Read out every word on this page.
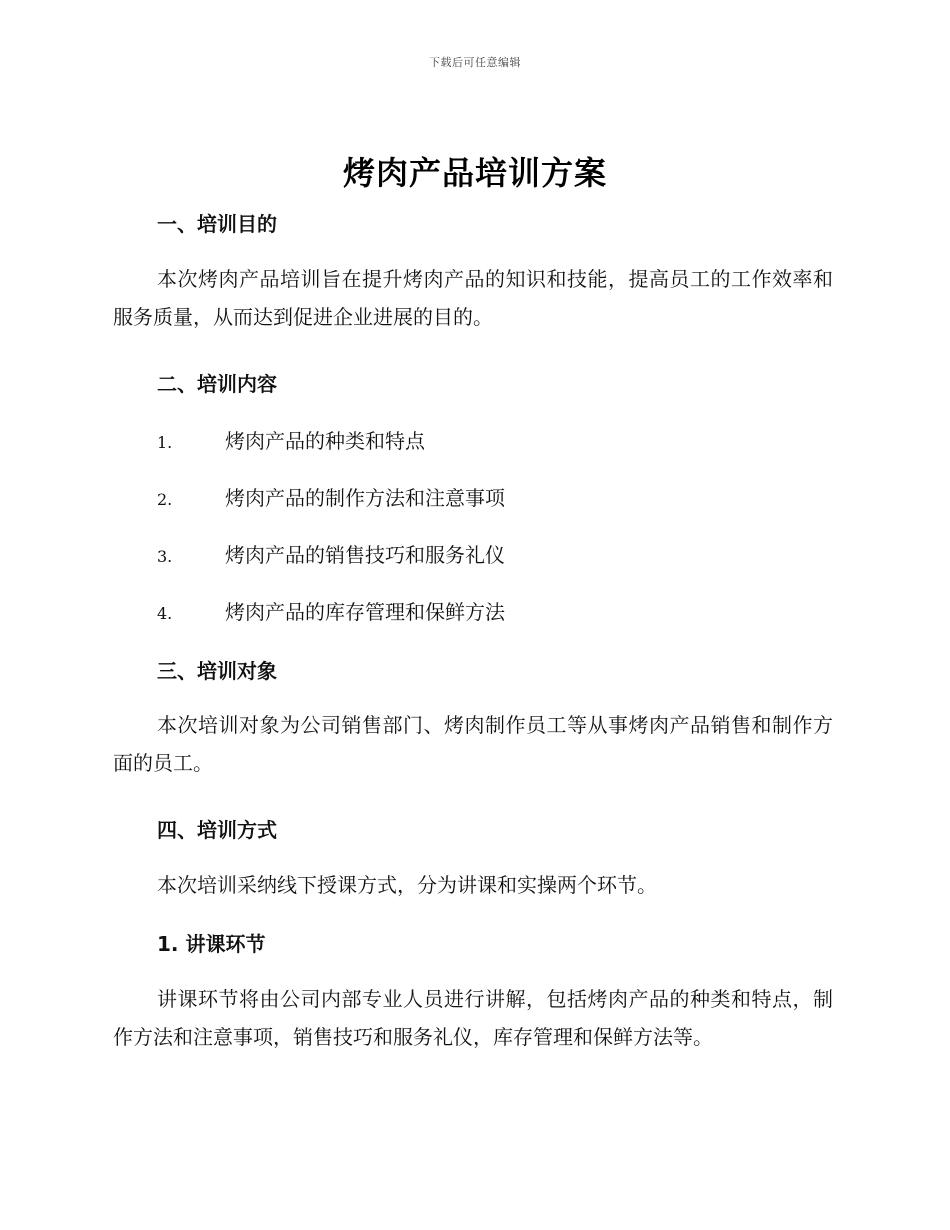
下载后可任意编辑
烤肉产品培训方案
一、培训目的
本次烤肉产品培训旨在提升烤肉产品的知识和技能，提高员工的工作效率和服务质量，从而达到促进企业进展的目的。
二、培训内容
1.	烤肉产品的种类和特点
2.	烤肉产品的制作方法和注意事项
3.	烤肉产品的销售技巧和服务礼仪
4.	烤肉产品的库存管理和保鲜方法
三、培训对象
本次培训对象为公司销售部门、烤肉制作员工等从事烤肉产品销售和制作方面的员工。
四、培训方式
本次培训采纳线下授课方式，分为讲课和实操两个环节。
1. 讲课环节
讲课环节将由公司内部专业人员进行讲解，包括烤肉产品的种类和特点，制作方法和注意事项，销售技巧和服务礼仪，库存管理和保鲜方法等。
